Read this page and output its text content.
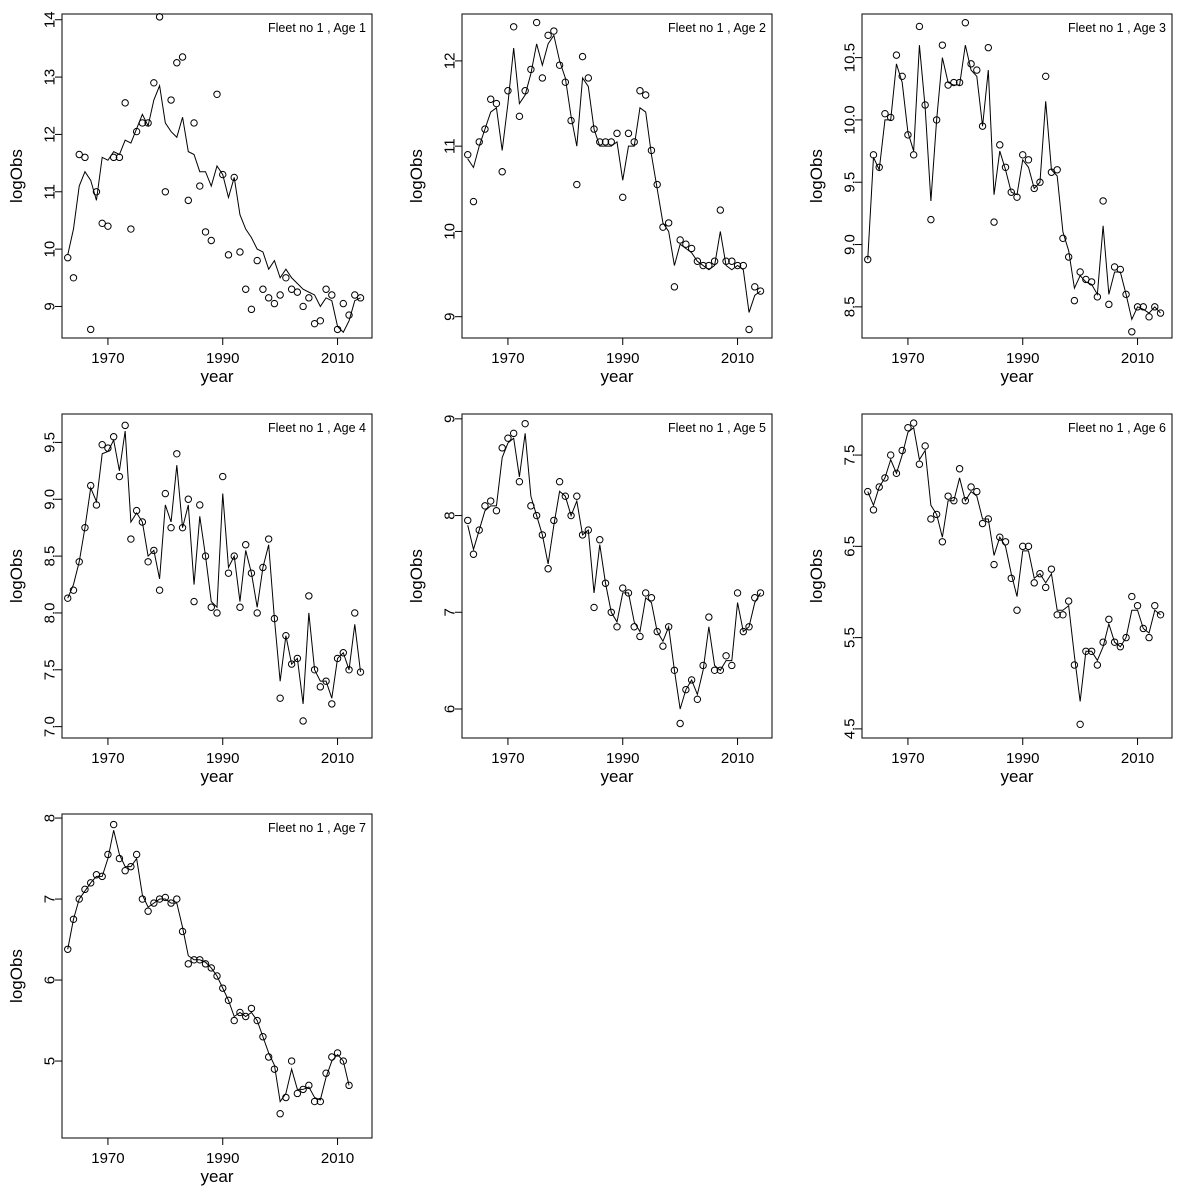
1970	1990	2010
9
10
11
12
13
14	Fleet no 1 , Age 1
year
logObs
1970	1990	2010
9
10
11
12
Fleet no 1 , Age 2
year
logObs
1970	1990	2010
8.5
9.0
9.5
10.0
10.5
Fleet no 1 , Age 3
year
logObs
1970	1990	2010
7.0
7.5
8.0
8.5
9.0
9.5
Fleet no 1 , Age 4
year
logObs
1970	1990	2010
6
7
8
9
Fleet no 1 , Age 5
year
logObs
1970	1990	2010
4.5
5.5
6.5
7.5
Fleet no 1 , Age 6
year
logObs
1970	1990	2010
5
6
7
8
Fleet no 1 , Age 7
year
logObs
